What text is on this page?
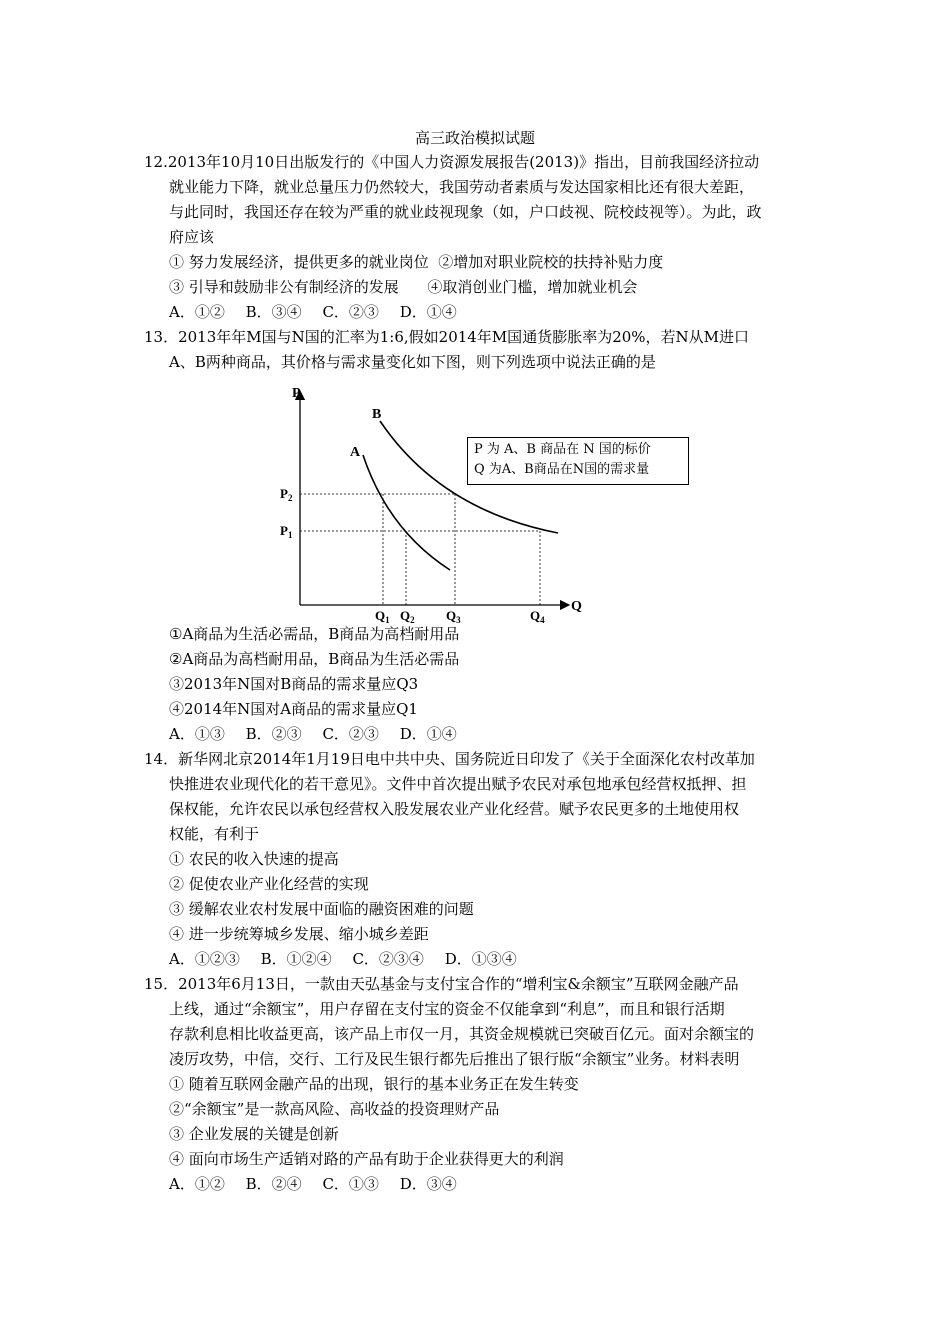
高三政治模拟试题
12.2013年10月10日出版发行的《中国人力资源发展报告(2013)》指出，目前我国经济拉动
就业能力下降，就业总量压力仍然较大，我国劳动者素质与发达国家相比还有很大差距，
与此同时，我国还存在较为严重的就业歧视现象（如，户口歧视、院校歧视等）。为此，政
府应该
① 努力发展经济，提供更多的就业岗位  ②增加对职业院校的扶持补贴力度
③ 引导和鼓励非公有制经济的发展      ④取消创业门槛，增加就业机会
A．①② B．③④ C．②③ D．①④
13．2013年年M国与N国的汇率为1:6,假如2014年M国通货膨胀率为20%，若N从M进口
A、B两种商品，其价格与需求量变化如下图，则下列选项中说法正确的是
P
Q
A
B
$P_2$
$P_1$
$Q_1$ $Q_2$ $Q_3$	$Q_4$
P 为 A、B 商品在 N 国的标价
Q 为A、B商品在N国的需求量
①A商品为生活必需品，B商品为高档耐用品
②A商品为高档耐用品，B商品为生活必需品
③2013年N国对B商品的需求量应Q3
④2014年N国对A商品的需求量应Q1
A．①③ B．②③ C．②③ D．①④
14．新华网北京2014年1月19日电中共中央、国务院近日印发了《关于全面深化农村改革加
快推进农业现代化的若干意见》。文件中首次提出赋予农民对承包地承包经营权抵押、担
保权能，允许农民以承包经营权入股发展农业产业化经营。赋予农民更多的土地使用权
权能，有利于
① 农民的收入快速的提高
② 促使农业产业化经营的实现
③ 缓解农业农村发展中面临的融资困难的问题
④ 进一步统筹城乡发展、缩小城乡差距
A．①②③ B．①②④ C．②③④ D．①③④
15．2013年6月13日，一款由天弘基金与支付宝合作的“增利宝&余额宝”互联网金融产品
上线，通过“余额宝”，用户存留在支付宝的资金不仅能拿到“利息”，而且和银行活期
存款利息相比收益更高，该产品上市仅一月，其资金规模就已突破百亿元。面对余额宝的
凌厉攻势，中信，交行、工行及民生银行都先后推出了银行版“余额宝”业务。材料表明
① 随着互联网金融产品的出现，银行的基本业务正在发生转变
②“余额宝”是一款高风险、高收益的投资理财产品
③ 企业发展的关键是创新
④ 面向市场生产适销对路的产品有助于企业获得更大的利润
A．①② B．②④ C．①③ D．③④
